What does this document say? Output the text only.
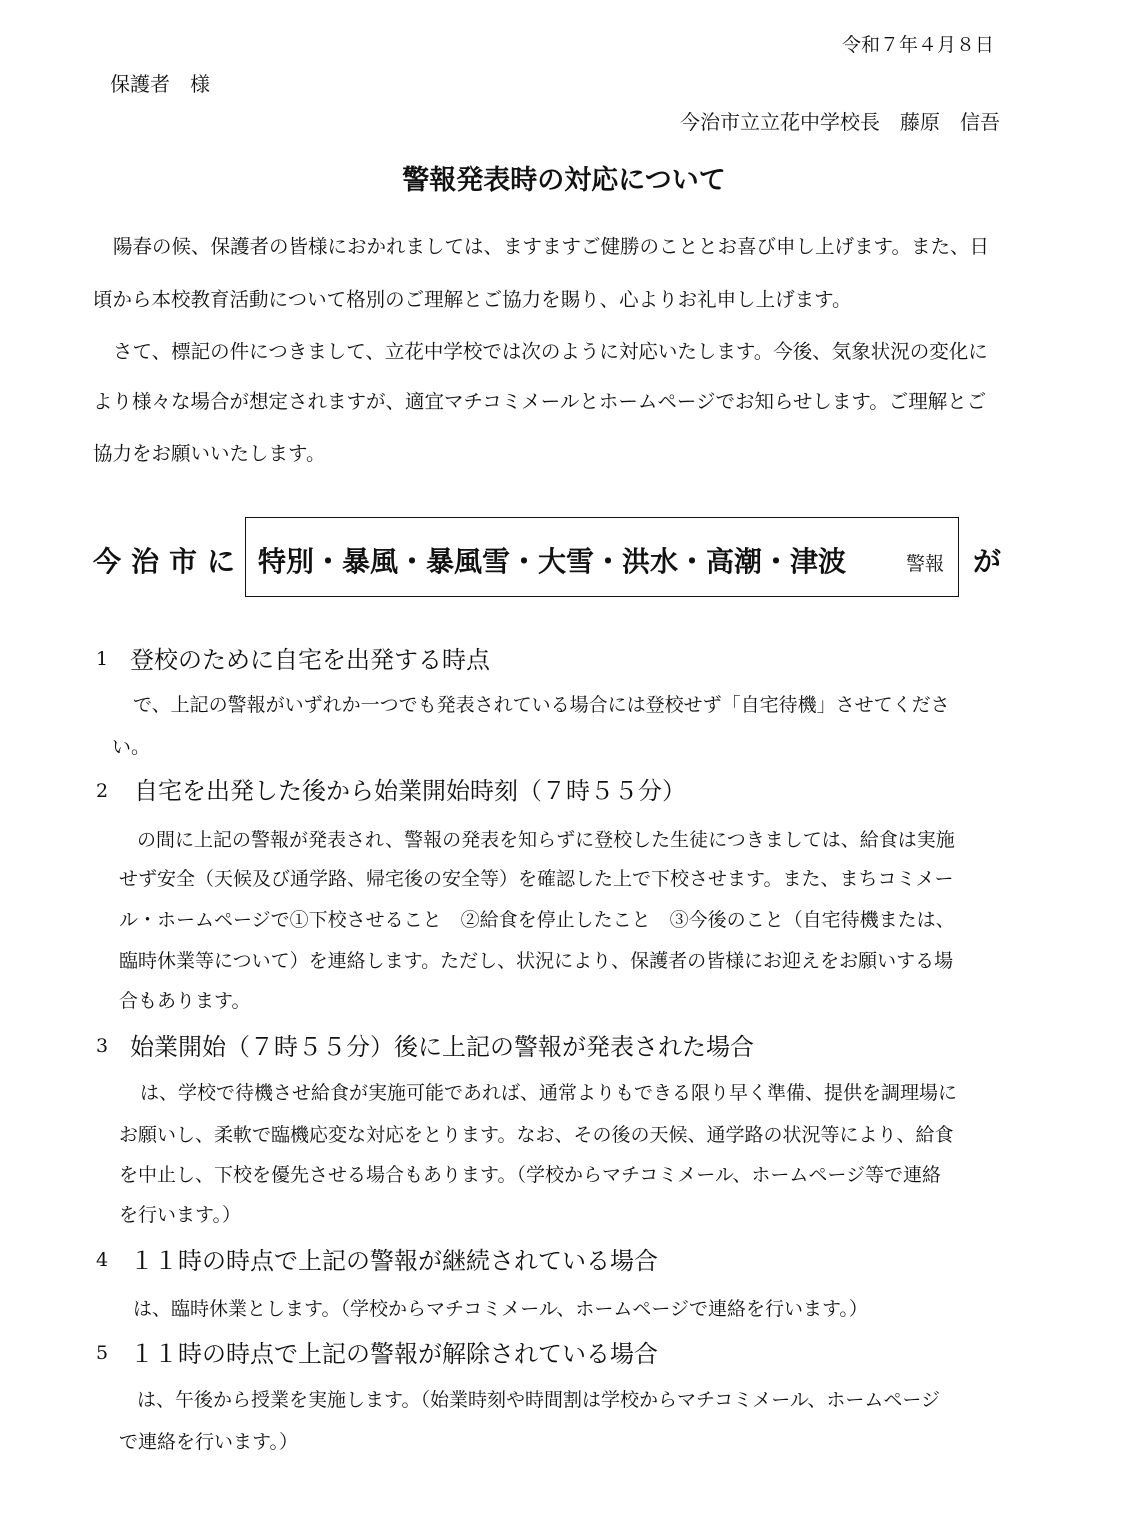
令和７年４月８日
保護者　様
今治市立立花中学校長　藤原　信吾
警報発表時の対応について
陽春の候、保護者の皆様におかれましては、ますますご健勝のこととお喜び申し上げます。また、日
頃から本校教育活動について格別のご理解とご協力を賜り、心よりお礼申し上げます。
さて、標記の件につきまして、立花中学校では次のように対応いたします。今後、気象状況の変化に
より様々な場合が想定されますが、適宜マチコミメールとホームページでお知らせします。ご理解とご
協力をお願いいたします。
今治市に 特別・暴風・暴風雪・大雪・洪水・高潮・津波	警報 が
1 登校のために自宅を出発する時点
で、上記の警報がいずれか一つでも発表されている場合には登校せず「自宅待機」させてくださ
い。
2 自宅を出発した後から始業開始時刻（７時５５分）
の間に上記の警報が発表され、警報の発表を知らずに登校した生徒につきましては、給食は実施
せず安全（天候及び通学路、帰宅後の安全等）を確認した上で下校させます。また、まちコミメー
ル・ホームページで①下校させること　②給食を停止したこと　③今後のこと（自宅待機または、
臨時休業等について）を連絡します。ただし、状況により、保護者の皆様にお迎えをお願いする場
合もあります。
3 始業開始（７時５５分）後に上記の警報が発表された場合
は、学校で待機させ給食が実施可能であれば、通常よりもできる限り早く準備、提供を調理場に
お願いし、柔軟で臨機応変な対応をとります。なお、その後の天候、通学路の状況等により、給食
を中止し、下校を優先させる場合もあります。（学校からマチコミメール、ホームページ等で連絡
を行います。）
4 １１時の時点で上記の警報が継続されている場合
は、臨時休業とします。（学校からマチコミメール、ホームページで連絡を行います。）
5 １１時の時点で上記の警報が解除されている場合
は、午後から授業を実施します。（始業時刻や時間割は学校からマチコミメール、ホームページ
で連絡を行います。）
